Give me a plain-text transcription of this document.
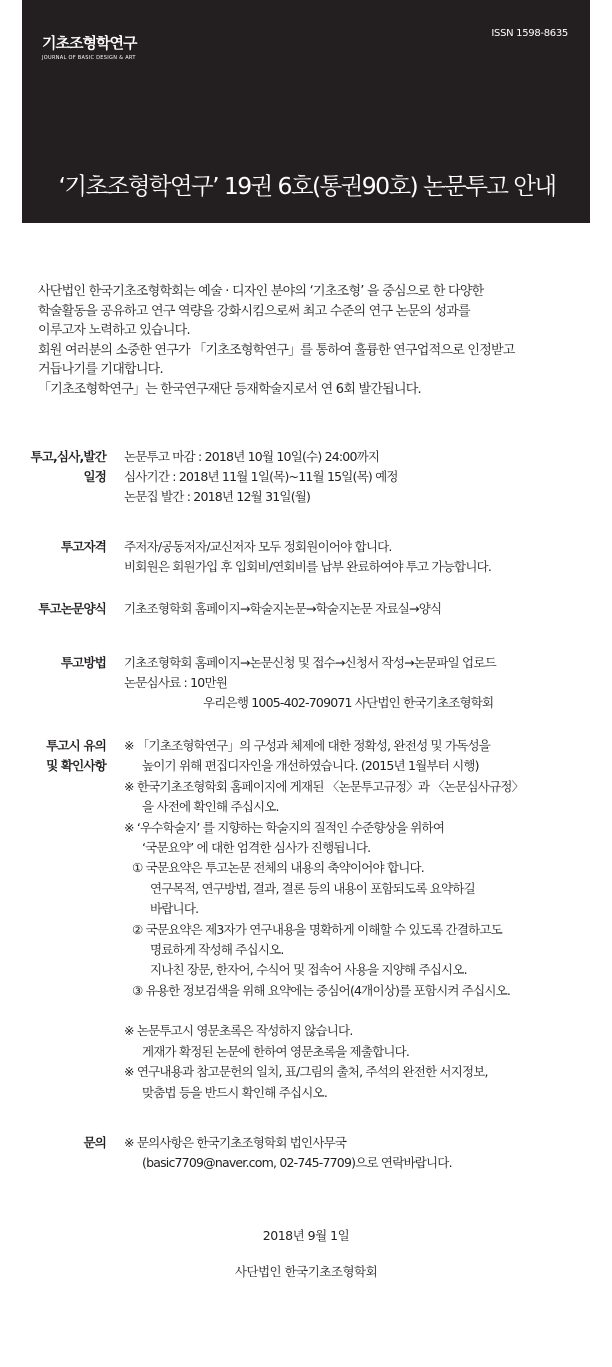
기초조형학연구
JOURNAL OF BASIC DESIGN & ART
ISSN 1598-8635
‘기초조형학연구’ 19권 6호(통권90호) 논문투고 안내

사단법인 한국기초조형학회는 예술 · 디자인 분야의 ‘기초조형’ 을 중심으로 한 다양한

학술활동을 공유하고 연구 역량을 강화시킴으로써 최고 수준의 연구 논문의 성과를

이루고자 노력하고 있습니다.

회원 여러분의 소중한 연구가 「기초조형학연구」를 통하여 훌륭한 연구업적으로 인정받고

거듭나기를 기대합니다.

「기초조형학연구」는 한국연구재단 등재학술지로서 연 6회 발간됩니다.

투고,심사,발간
일정
논문투고 마감 : 2018년 10월 10일(수) 24:00까지
심사기간 : 2018년 11월 1일(목)~11월 15일(목) 예정
논문집 발간 : 2018년 12월 31일(월)
투고자격 주저자/공동저자/교신저자 모두 정회원이어야 합니다.
비회원은 회원가입 후 입회비/연회비를 납부 완료하여야 투고 가능합니다.
투고논문양식 기초조형학회 홈페이지→학술지논문→학술지논문 자료실→양식
투고방법 기초조형학회 홈페이지→논문신청 및 접수→신청서 작성→논문파일 업로드
논문심사료 : 10만원
우리은행 1005-402-709071 사단법인 한국기초조형학회
투고시 유의
및 확인사항
※ 「기초조형학연구」의 구성과 체제에 대한 정확성, 완전성 및 가독성을
높이기 위해 편집디자인을 개선하였습니다. (2015년 1월부터 시행)
※ 한국기초조형학회 홈페이지에 게재된 〈논문투고규정〉과 〈논문심사규정〉
을 사전에 확인해 주십시오.
※ ‘우수학술지’ 를 지향하는 학술지의 질적인 수준향상을 위하여
‘국문요약’ 에 대한 엄격한 심사가 진행됩니다.
① 국문요약은 투고논문 전체의 내용의 축약이어야 합니다.
연구목적, 연구방법, 결과, 결론 등의 내용이 포함되도록 요약하길
바랍니다.
② 국문요약은 제3자가 연구내용을 명확하게 이해할 수 있도록 간결하고도
명료하게 작성해 주십시오.
지나친 장문, 한자어, 수식어 및 접속어 사용을 지양해 주십시오.
③ 유용한 정보검색을 위해 요약에는 중심어(4개이상)를 포함시켜 주십시오.
※ 논문투고시 영문초록은 작성하지 않습니다.
게재가 확정된 논문에 한하여 영문초록을 제출합니다.
※ 연구내용과 참고문헌의 일치, 표/그림의 출처, 주석의 완전한 서지정보,
맞춤법 등을 반드시 확인해 주십시오.
문의 ※ 문의사항은 한국기초조형학회 법인사무국
(basic7709@naver.com, 02-745-7709)으로 연락바랍니다.
2018년 9월 1일
사단법인 한국기초조형학회
